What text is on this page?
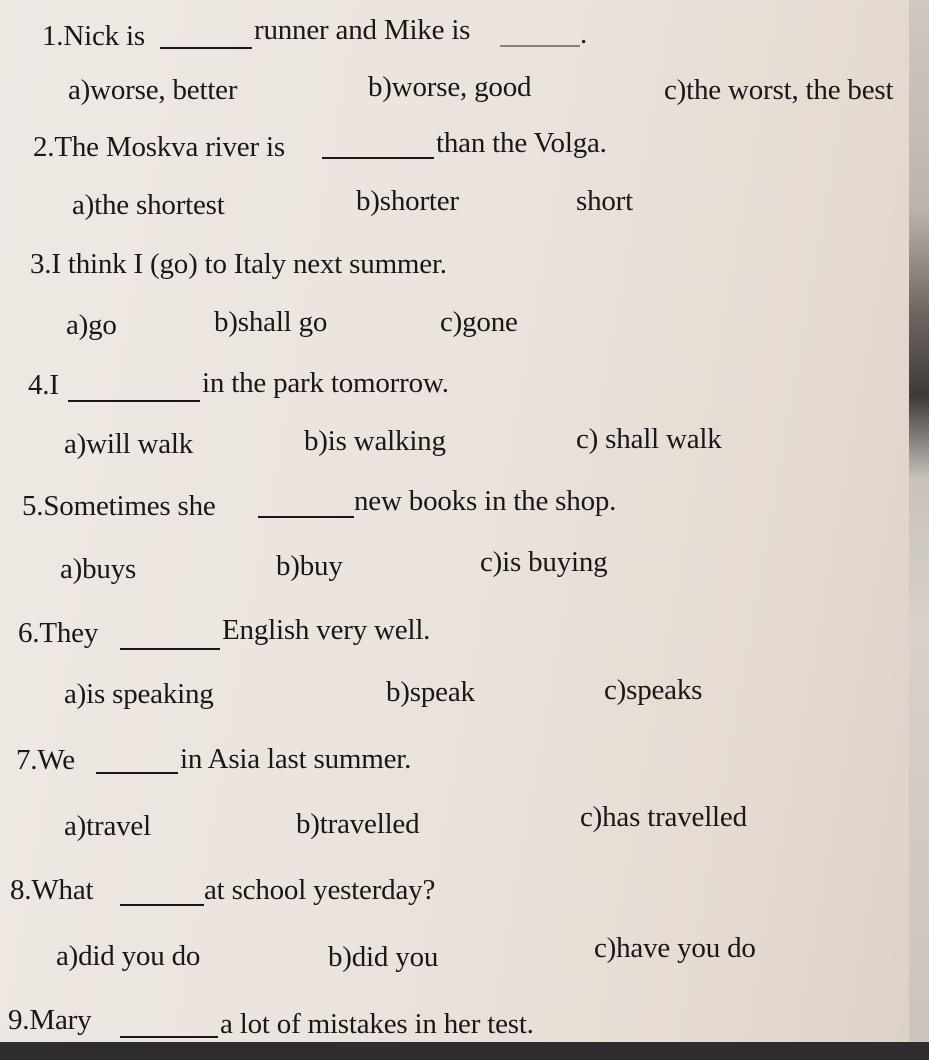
1.Nick is	runner and Mike is	.
a)worse, better	b)worse, good	c)the worst, the best
2.The Moskva river is	than the Volga.
a)the shortest	b)shorter	short
3.I think I (go) to Italy next summer.
a)go	b)shall go	c)gone
4.I	in the park tomorrow.
a)will walk	b)is walking	c) shall walk
5.Sometimes she	new books in the shop.
a)buys	b)buy	c)is buying
6.They	English very well.
a)is speaking	b)speak	c)speaks
7.We	in Asia last summer.
a)travel	b)travelled	c)has travelled
8.What	at school yesterday?
a)did you do	b)did you	c)have you do
9.Mary	a lot of mistakes in her test.
